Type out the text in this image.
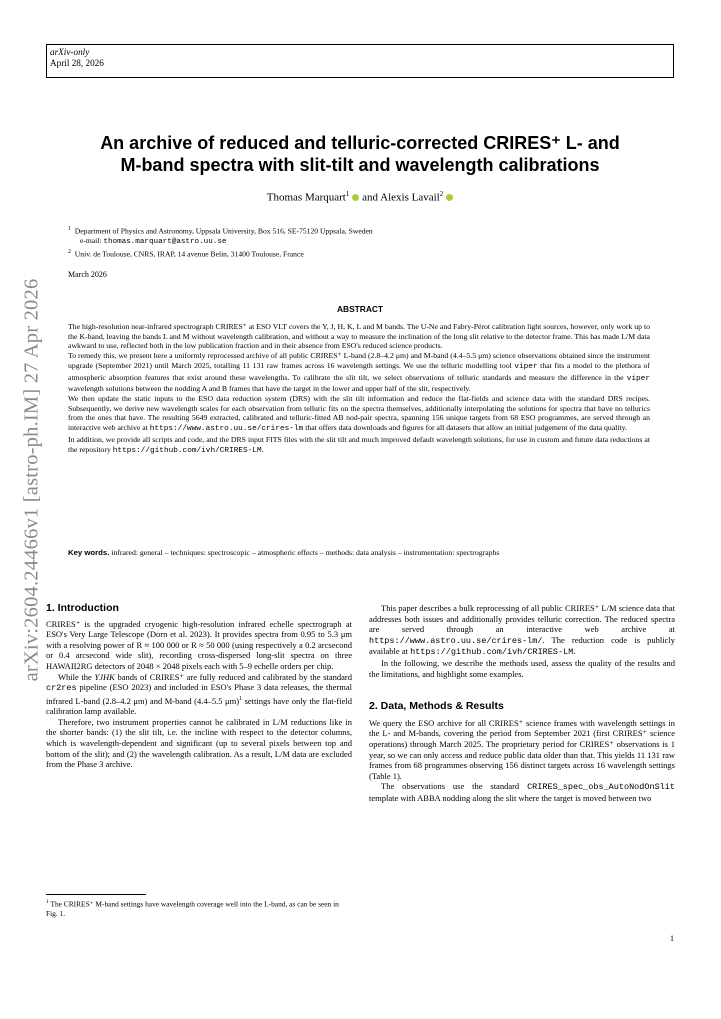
arXiv-only
April 28, 2026
arXiv:2604.24466v1 [astro-ph.IM] 27 Apr 2026
An archive of reduced and telluric-corrected CRIRES⁺ L- and
M-band spectra with slit-tilt and wavelength calibrations
Thomas Marquart$^1$ and Alexis Lavail$^2$
$^1$ Department of Physics and Astronomy, Uppsala University, Box 516, SE-75120 Uppsala, Sweden
e-mail: thomas.marquart@astro.uu.se
$^2$ Univ. de Toulouse, CNRS, IRAP, 14 avenue Belin, 31400 Toulouse, France
March 2026
ABSTRACT

The high-resolution near-infrared spectrograph CRIRES⁺ at ESO VLT covers the Y, J, H, K, L and M bands. The U-Ne and Fabry-Pérot calibration light sources, however, only work up to the K-band, leaving the bands L and M without wavelength calibration, and without a way to measure the inclination of the long slit relative to the detector frame. This has made L/M data awkward to use, reflected both in the low publication fraction and in their absence from ESO's reduced science products.

To remedy this, we present here a uniformly reprocessed archive of all public CRIRES⁺ L-band (2.8–4.2 μm) and M-band (4.4–5.5 μm) science observations obtained since the instrument upgrade (September 2021) until March 2025, totalling 11 131 raw frames across 16 wavelength settings. We use the telluric modelling tool viper that fits a model to the plethora of atmospheric absorption features that exist around these wavelengths. To calibrate the slit tilt, we select observations of telluric standards and measure the difference in the viper wavelength solutions between the nodding A and B frames that have the target in the lower and upper half of the slit, respectively.

We then update the static inputs to the ESO data reduction system (DRS) with the slit tilt information and reduce the flat-fields and science data with the standard DRS recipes. Subsequently, we derive new wavelength scales for each observation from telluric fits on the spectra themselves, additionally interpolating the solutions for spectra that have no tellurics from the ones that have. The resulting 5649 extracted, calibrated and telluric-fitted AB nod-pair spectra, spanning 156 unique targets from 68 ESO programmes, are served through an interactive web archive at https://www.astro.uu.se/crires-lm that offers data downloads and figures for all datasets that allow an initial judgement of the data quality.

In addition, we provide all scripts and code, and the DRS input FITS files with the slit tilt and much improved default wavelength solutions, for use in custom and future data reductions at the repository https://github.com/ivh/CRIRES-LM.

Key words. infrared: general – techniques: spectroscopic – atmospheric effects – methods: data analysis – instrumentation: spectrographs
1. Introduction

CRIRES⁺ is the upgraded cryogenic high-resolution infrared echelle spectrograph at ESO's Very Large Telescope (Dorn et al. 2023). It provides spectra from 0.95 to 5.3 μm with a resolving power of R ≈ 100 000 or R ≈ 50 000 (using respectively a 0.2 arcsecond or 0.4 arcsecond wide slit), recording cross-dispersed long-slit spectra on three HAWAII2RG detectors of 2048 × 2048 pixels each with 5–9 echelle orders per chip.

While the YJHK bands of CRIRES⁺ are fully reduced and calibrated by the standard cr2res pipeline (ESO 2023) and included in ESO's Phase 3 data releases, the thermal infrared L-band (2.8–4.2 μm) and M-band (4.4–5.5 μm)$^1$ settings have only the flat-field calibration lamp available.

Therefore, two instrument properties cannot be calibrated in L/M reductions like in the shorter bands: (1) the slit tilt, i.e. the incline with respect to the detector columns, which is wavelength-dependent and significant (up to several pixels between top and bottom of the slit); and (2) the wavelength calibration. As a result, L/M data are excluded from the Phase 3 archive.

This paper describes a bulk reprocessing of all public CRIRES⁺ L/M science data that addresses both issues and additionally provides telluric correction. The reduced spectra are served through an interactive web archive at https://www.astro.uu.se/crires-lm/. The reduction code is publicly available at https://github.com/ivh/CRIRES-LM.

In the following, we describe the methods used, assess the quality of the results and the limitations, and highlight some examples.

2. Data, Methods & Results

We query the ESO archive for all CRIRES⁺ science frames with wavelength settings in the L- and M-bands, covering the period from September 2021 (first CRIRES⁺ science operations) through March 2025. The proprietary period for CRIRES⁺ observations is 1 year, so we can only access and reduce public data older than that. This yields 11 131 raw frames from 68 programmes observing 156 distinct targets across 16 wavelength settings (Table 1).

The observations use the standard CRIRES_spec_obs_AutoNodOnSlit template with ABBA nodding along the slit where the target is moved between two

$^1$ The CRIRES⁺ M-band settings have wavelength coverage well into the L-band, as can be seen in Fig. 1.
1
